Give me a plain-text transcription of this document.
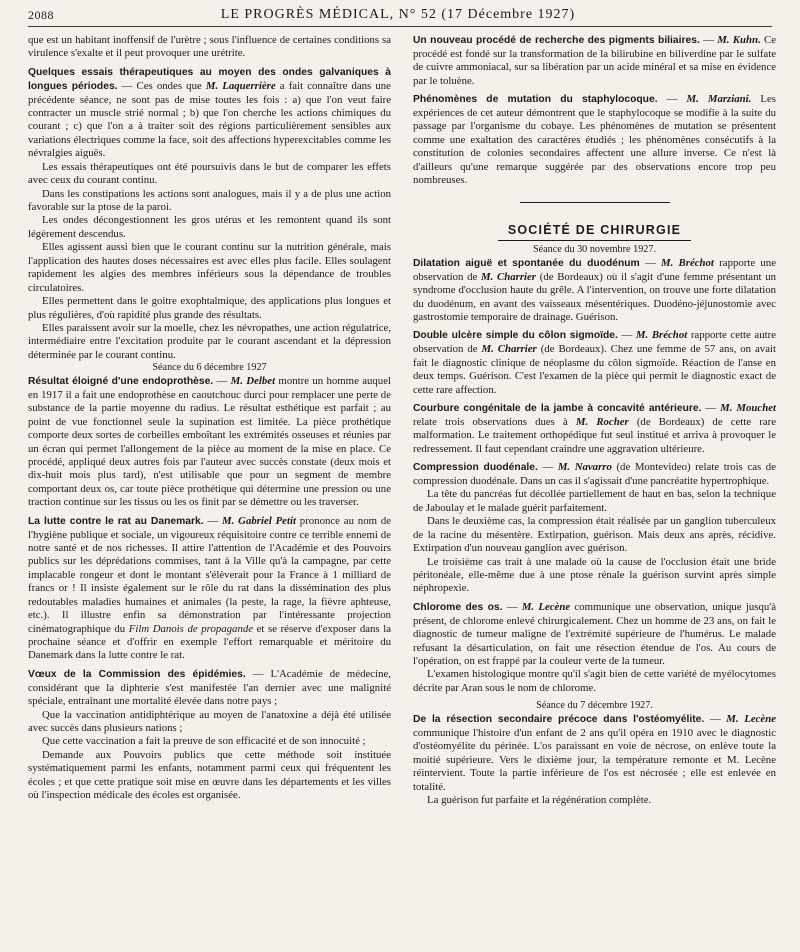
2088	LE PROGRÈS MÉDICAL, N° 52 (17 Décembre 1927)

que est un habitant inoffensif de l'urètre ; sous l'influence de certaines conditions sa virulence s'exalte et il peut provoquer une urétrite.

Quelques essais thérapeutiques au moyen des ondes galvaniques à longues périodes. — Ces ondes que M. Laquerrière a fait connaître dans une précédente séance, ne sont pas de mise toutes les fois : a) que l'on veut faire contracter un muscle strié normal ; b) que l'on cherche les actions chimiques du courant ; c) que l'on a à traiter soit des régions particulièrement sensibles aux variations électriques comme la face, soit des affections hyperexcitables comme les névralgies aiguës.

Les essais thérapeutiques ont été poursuivis dans le but de comparer les effets avec ceux du courant continu.

Dans les constipations les actions sont analogues, mais il y a de plus une action favorable sur la ptose de la paroi.

Les ondes décongestionnent les gros utérus et les remontent quand ils sont légèrement descendus.

Elles agissent aussi bien que le courant continu sur la nutrition générale, mais l'application des hautes doses nécessaires est avec elles plus facile. Elles soulagent rapidement les algies des membres inférieurs sous la dépendance de troubles circulatoires.

Elles permettent dans le goitre exophtalmique, des applications plus longues et plus régulières, d'où rapidité plus grande des résultats.

Elles paraissent avoir sur la moelle, chez les névropathes, une action régulatrice, intermédiaire entre l'excitation produite par le courant ascendant et la dépression déterminée par le courant continu.

Séance du 6 décembre 1927

Résultat éloigné d'une endoprothèse. — M. Delbet montre un homme auquel en 1917 il a fait une endoprothèse en caoutchouc durci pour remplacer une perte de substance de la partie moyenne du radius. Le résultat esthétique est parfait ; au point de vue fonctionnel seule la supination est limitée. La pièce prothétique comporte deux sortes de corbeilles emboîtant les extrémités osseuses et réunies par un écran qui permet l'allongement de la pièce au moment de la mise en place. Ce procédé, appliqué deux autres fois par l'auteur avec succès constate (deux mois et dix-huit mois plus tard), n'est utilisable que pour un segment de membre comportant deux os, car toute pièce prothétique qui détermine une pression ou une traction continue sur les tissus ou les os finit par se démettre ou les traverser.

La lutte contre le rat au Danemark. — M. Gabriel Petit prononce au nom de l'hygiène publique et sociale, un vigoureux réquisitoire contre ce terrible ennemi de notre santé et de nos richesses. Il attire l'attention de l'Académie et des Pouvoirs publics sur les déprédations commises, tant à la Ville qu'à la campagne, par cette implacable rongeur et dont le montant s'élèverait pour la France à 1 milliard de francs or ! Il insiste également sur le rôle du rat dans la dissémination des plus redoutables maladies humaines et animales (la peste, la rage, la fièvre aphteuse, etc.). Il illustre enfin sa démonstration par l'intéressante projection cinématographique du Film Danois de propagande et se réserve d'exposer dans la prochaine séance et d'offrir en exemple l'effort remarquable et méritoire du Danemark dans la lutte contre le rat.

Vœux de la Commission des épidémies. — L'Académie de médecine, considérant que la diphterie s'est manifestée l'an dernier avec une malignité spéciale, entraînant une mortalité élevée dans notre pays ;

Que la vaccination antidiphtérique au moyen de l'anatoxine a déjà été utilisée avec succès dans plusieurs nations ;

Que cette vaccination a fait la preuve de son efficacité et de son innocuité ;

Demande aux Pouvoirs publics que cette méthode soit instituée systématiquement parmi les enfants, notamment parmi ceux qui fréquentent les écoles ; et que cette pratique soit mise en œuvre dans les départements et les villes où l'inspection médicale des écoles est organisée.

Un nouveau procédé de recherche des pigments biliaires. — M. Kuhn. Ce procédé est fondé sur la transformation de la bilirubine en biliverdine par le sulfate de cuivre ammoniacal, sur sa libération par un acide minéral et sa mise en évidence par le toluène.

Phénomènes de mutation du staphylocoque. — M. Marziani. Les expériences de cet auteur démontrent que le staphylocoque se modifie à la suite du passage par l'organisme du cobaye. Les phénomènes de mutation se présentent comme une exaltation des caractères étudiés ; les phénomènes consécutifs à la constitution de colonies secondaires affectent une allure inverse. Ce n'est là d'ailleurs qu'une remarque suggérée par des observations encore trop peu nombreuses.

SOCIÉTÉ DE CHIRURGIE

Séance du 30 novembre 1927.

Dilatation aiguë et spontanée du duodénum — M. Bréchot rapporte une observation de M. Charrier (de Bordeaux) où il s'agit d'une femme présentant un syndrome d'occlusion haute du grêle. A l'intervention, on trouve une forte dilatation du duodénum, en avant des vaisseaux mésentériques. Duodéno-jéjunostomie avec gastrostomie temporaire de drainage. Guérison.

Double ulcère simple du côlon sigmoïde. — M. Bréchot rapporte cette autre observation de M. Charrier (de Bordeaux). Chez une femme de 57 ans, on avait fait le diagnostic clinique de néoplasme du côlon sigmoïde. Réaction de l'anse en deux temps. Guérison. C'est l'examen de la pièce qui permit le diagnostic exact de cette rare affection.

Courbure congénitale de la jambe à concavité antérieure. — M. Mouchet relate trois observations dues à M. Rocher (de Bordeaux) de cette rare malformation. Le traitement orthopédique fut seul institué et arriva à provoquer le redressement. Il faut cependant craindre une aggravation ultérieure.

Compression duodénale. — M. Navarro (de Montevideo) relate trois cas de compression duodénale. Dans un cas il s'agissait d'une pancréatite hypertrophique.

La tête du pancréas fut décollée partiellement de haut en bas, selon la technique de Jaboulay et le malade guérit parfaitement.

Dans le deuxième cas, la compression était réalisée par un ganglion tuberculeux de la racine du mésentère. Extirpation, guérison. Mais deux ans après, récidive. Extirpation d'un nouveau ganglion avec guérison.

Le troisième cas trait à une malade où la cause de l'occlusion était une bride péritonéale, elle-même due à une ptose rénale la guérison survint après simple néphropexie.

Chlorome des os. — M. Lecène communique une observation, unique jusqu'à présent, de chlorome enlevé chirurgicalement. Chez un homme de 23 ans, on fait le diagnostic de tumeur maligne de l'extrémité supérieure de l'humérus. Le malade refusant la désarticulation, on fait une résection étendue de l'os. Au cours de l'opération, on est frappé par la couleur verte de la tumeur.

L'examen histologique montre qu'il s'agit bien de cette variété de myélocytomes décrite par Aran sous le nom de chlorome.

Séance du 7 décembre 1927.

De la résection secondaire précoce dans l'ostéomyélite. — M. Lecène communique l'histoire d'un enfant de 2 ans qu'il opéra en 1910 avec le diagnostic d'ostéomyélite du périnée. L'os paraissant en voie de nécrose, on enlève toute la moitié supérieure. Vers le dixième jour, la température remonte et M. Lecène réintervient. Toute la partie inférieure de l'os est nécrosée ; elle est enlevée en totalité.

La guérison fut parfaite et la régénération complète.
